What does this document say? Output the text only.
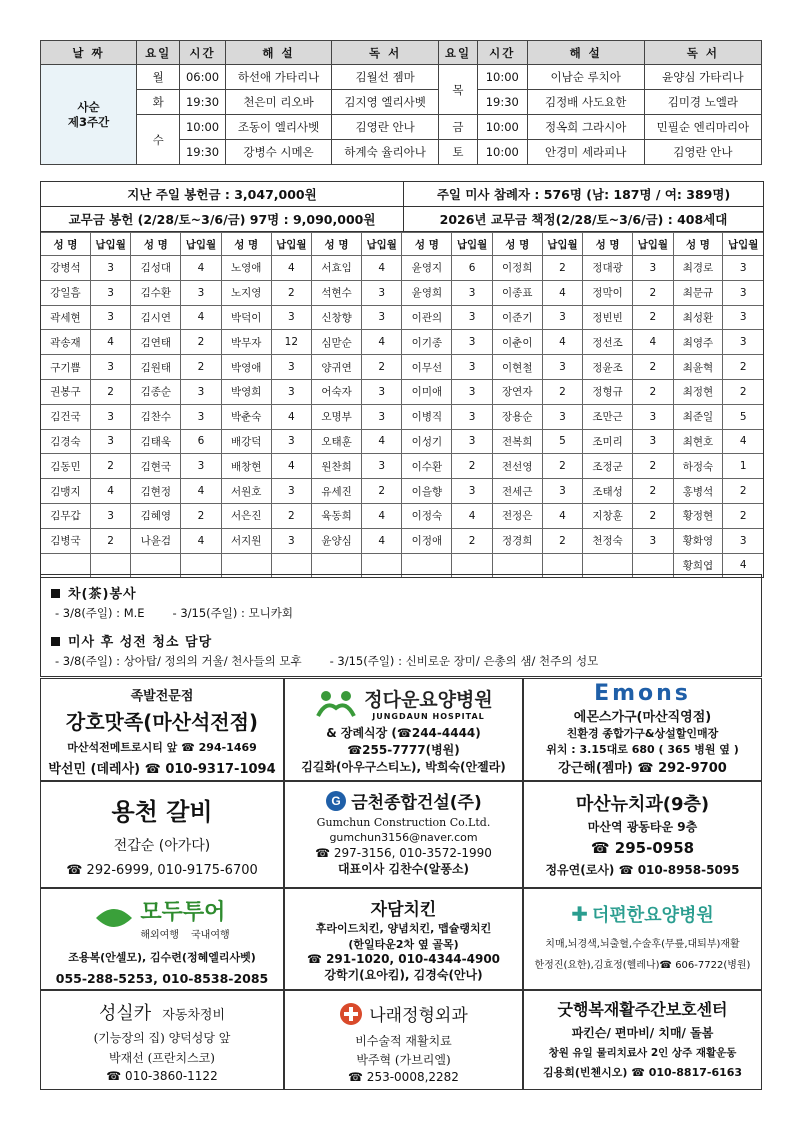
날 짜	요일	시간	해 설	독 서	요일	시간	해 설	독 서

사순
제3주간	월	06:00	하선애 가타리나	김월선 젬마	목	10:00	이남순 루치아	윤양심 가타리나
	화	19:30	천은미 리오바	김지영 엘리사벳		19:30	김정배 사도요한	김미경 노엘라
	수	10:00	조동이 엘리사벳	김영란 안나	금	10:00	정옥희 그라시아	민필순 엔리마리아
		19:30	강병수 시메온	하계숙 율리아나	토	10:00	안경미 세라피나	김영란 안나
지난 주일 봉헌금 : 3,047,000원	주일 미사 참례자 : 576명 (남: 187명 / 여: 389명)
교무금 봉헌 (2/28/토~3/6/금) 97명 : 9,090,000원	2026년 교무금 책정(2/28/토~3/6/금) : 408세대
성 명	납입월	성 명	납입월	성 명	납입월	성 명	납입월	성 명	납입월	성 명	납입월	성 명	납입월	성 명	납입월
강병석	3	김성대	4	노영애	4	서효임	4	윤영지	6	이정희	2	정대광	3	최경로	3
강일흠	3	김수환	3	노지영	2	석현수	3	윤영희	3	이종표	4	정막이	2	최문규	3
곽세현	3	김시연	4	박덕이	3	신창향	3	이관의	3	이준기	3	정빈빈	2	최성환	3
곽송재	4	김연태	2	박무자	12	심맏순	4	이기종	3	이춘이	4	정선조	4	최영주	3
구기쁨	3	김원태	2	박영애	3	양귀연	2	이무선	3	이현철	3	정윤조	2	최윤혁	2
권봉구	2	김종순	3	박영희	3	어숙자	3	이미애	3	장연자	2	정형규	2	최정현	2
김건국	3	김찬수	3	박춘숙	4	오명부	3	이병직	3	장용순	3	조만근	3	최준일	5
김경숙	3	김태욱	6	배강덕	3	오태훈	4	이성기	3	전복희	5	조미리	3	최현호	4
김동민	2	김현국	3	배창현	4	원찬희	3	이수환	2	전선영	2	조정군	2	하정숙	1
김맹지	4	김현정	4	서원호	3	유세진	2	이을향	3	전세근	3	조태성	2	홍병석	2
김무갑	3	김혜영	2	서은진	2	육동희	4	이정숙	4	전정은	4	지창훈	2	황정현	2
김병국	2	나윤검	4	서지원	3	윤양심	4	이정애	2	정경희	2	천정숙	3	황화영	3
														황희엽	4
차(茶)봉사
- 3/8(주일) : M.E - 3/15(주일) : 모니카회
미사 후 성전 청소 담당
- 3/8(주일) : 상아탑/ 정의의 거울/ 천사들의 모후 - 3/15(주일) : 신비로운 장미/ 은총의 샘/ 천주의 성모
족발전문점
강호맛족(마산석전점)
마산석전메트로시티 앞 ☎ 294-1469
박선민 (데레사) ☎ 010-9317-1094
정다운요양병원
JUNGDAUN HOSPITAL
& 장례식장 (☎244-4444)
☎255-7777(병원)
김길화(아우구스티노), 박희숙(안젤라)
Emons
에몬스가구(마산직영점)
친환경 종합가구&상설할인매장
위치 : 3.15대로 680 ( 365 병원 옆 )
강근해(젬마) ☎ 292-9700
용천 갈비
전갑순 (아가다)
☎ 292-6999, 010-9175-6700
G 금천종합건설(주)
Gumchun Construction Co.Ltd.
gumchun3156@naver.com
☎ 297-3156, 010-3572-1990
대표이사 김찬수(알퐁소)
마산뉴치과(9층)
마산역 광동타운 9층
☎ 295-0958
정유연(로사) ☎ 010-8958-5095
모두투어
해외여행 국내여행
조용복(안셀모), 김수련(정혜엘리사벳)
055-288-5253, 010-8538-2085
자담치킨
후라이드치킨, 양념치킨, 맵슐랭치킨
(한일타운2차 옆 골목)
☎ 291-1020, 010-4344-4900
강학기(요아킴), 김경숙(안나)
✚ 더편한요양병원
치매,뇌경색,뇌출혈,수술후(무릎,대퇴부)재활
한정진(요한),김효정(헬레나)☎ 606-7722(병원)
성실카 자동차정비
(기능장의 집) 양덕성당 앞
박재선 (프란치스코)
☎ 010-3860-1122
나래정형외과
비수술적 재활치료
박주혁 (가브리엘)
☎ 253-0008,2282
굿행복재활주간보호센터
파킨슨/ 편마비/ 치매/ 돌봄
창원 유일 물리치료사 2인 상주 재활운동
김용희(빈첸시오) ☎ 010-8817-6163
